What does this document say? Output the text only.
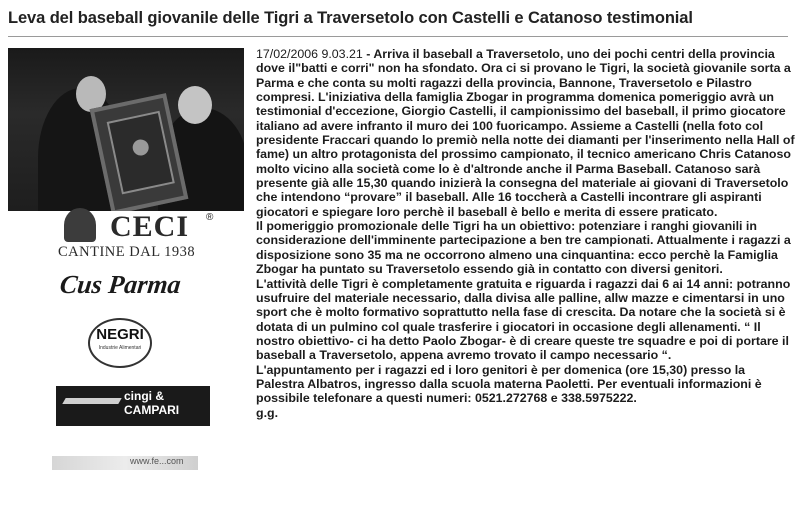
Leva del baseball giovanile delle Tigri a Traversetolo con Castelli e Catanoso testimonial
CECI ®
CANTINE DAL 1938
Cus Parma
NEGRI
Industrie Alimentari
cingi &
CAMPARI
www.fe...com

17/02/2006 9.03.21 - Arriva il baseball a Traversetolo, uno dei pochi centri della provincia dove il"batti e corri" non ha sfondato. Ora ci si provano le Tigri, la società giovanile sorta a Parma e che conta su molti ragazzi della provincia, Bannone, Traversetolo e Pilastro compresi. L'iniziativa della famiglia Zbogar in programma domenica pomeriggio avrà un testimonial d'eccezione, Giorgio Castelli, il campionissimo del baseball, il primo giocatore italiano ad avere infranto il muro dei 100 fuoricampo. Assieme a Castelli (nella foto col presidente Fraccari quando lo premiò nella notte dei diamanti per l'inserimento nella Hall of fame) un altro protagonista del prossimo campionato, il tecnico americano Chris Catanoso molto vicino alla società come lo è d'altronde anche il Parma Baseball. Catanoso sarà presente già alle 15,30 quando inizierà la consegna del materiale ai giovani di Traversetolo che intendono “provare” il baseball. Alle 16 toccherà a Castelli incontrare gli aspiranti giocatori e spiegare loro perchè il baseball è bello e merita di essere praticato.

Il pomeriggio promozionale delle Tigri ha un obiettivo: potenziare i ranghi giovanili in considerazione dell'imminente partecipazione a ben tre campionati. Attualmente i ragazzi a disposizione sono 35 ma ne occorrono almeno una cinquantina: ecco perchè la Famiglia Zbogar ha puntato su Traversetolo essendo già in contatto con diversi genitori.

L'attività delle Tigri è completamente gratuita e riguarda i ragazzi dai 6 ai 14 anni: potranno usufruire del materiale necessario, dalla divisa alle palline, allw mazze e cimentarsi in uno sport che è molto formativo soprattutto nella fase di crescita. Da notare che la società si è dotata di un pulmino col quale trasferire i giocatori in occasione degli allenamenti. “ Il nostro obiettivo- ci ha detto Paolo Zbogar- è di creare queste tre squadre e poi di portare il baseball a Traversetolo, appena avremo trovato il campo necessario “.

L'appuntamento per i ragazzi ed i loro genitori è per domenica (ore 15,30) presso la Palestra Albatros, ingresso dalla scuola materna Paoletti. Per eventuali informazioni è possibile telefonare a questi numeri: 0521.272768 e 338.5975222.

g.g.
